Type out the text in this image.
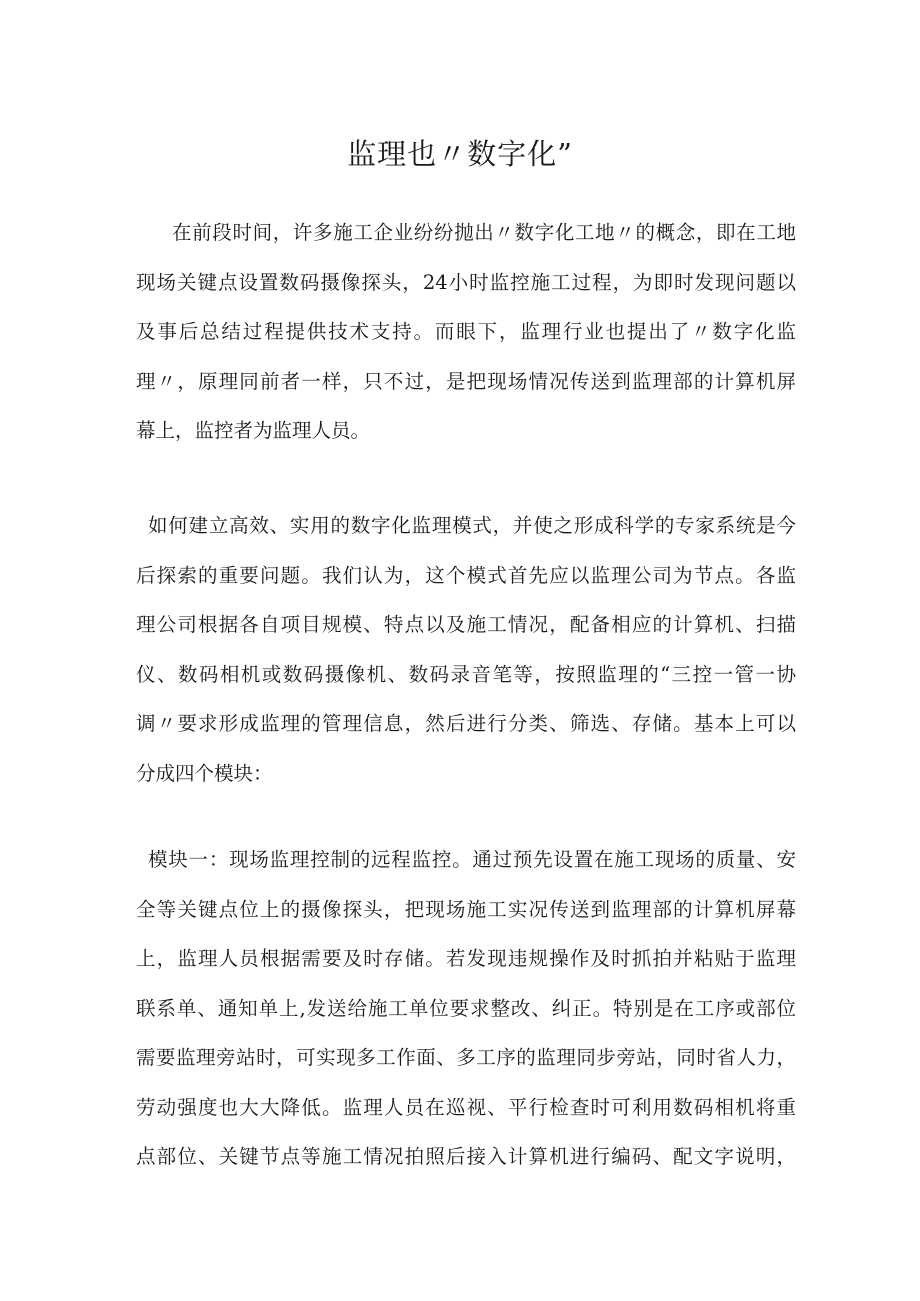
监理也〃数字化”
在前段时间，许多施工企业纷纷抛出〃数字化工地〃的概念，即在工地
现场关键点设置数码摄像探头，24小时监控施工过程，为即时发现问题以
及事后总结过程提供技术支持。而眼下，监理行业也提出了〃数字化监
理〃，原理同前者一样，只不过，是把现场情况传送到监理部的计算机屏
幕上，监控者为监理人员。
如何建立高效、实用的数字化监理模式，并使之形成科学的专家系统是今
后探索的重要问题。我们认为，这个模式首先应以监理公司为节点。各监
理公司根据各自项目规模、特点以及施工情况，配备相应的计算机、扫描
仪、数码相机或数码摄像机、数码录音笔等，按照监理的“三控一管一协
调〃要求形成监理的管理信息，然后进行分类、筛选、存储。基本上可以
分成四个模块：
模块一：现场监理控制的远程监控。通过预先设置在施工现场的质量、安
全等关键点位上的摄像探头，把现场施工实况传送到监理部的计算机屏幕
上，监理人员根据需要及时存储。若发现违规操作及时抓拍并粘贴于监理
联系单、通知单上,发送给施工单位要求整改、纠正。特别是在工序或部位
需要监理旁站时，可实现多工作面、多工序的监理同步旁站，同时省人力，
劳动强度也大大降低。监理人员在巡视、平行检查时可利用数码相机将重
点部位、关键节点等施工情况拍照后接入计算机进行编码、配文字说明，
